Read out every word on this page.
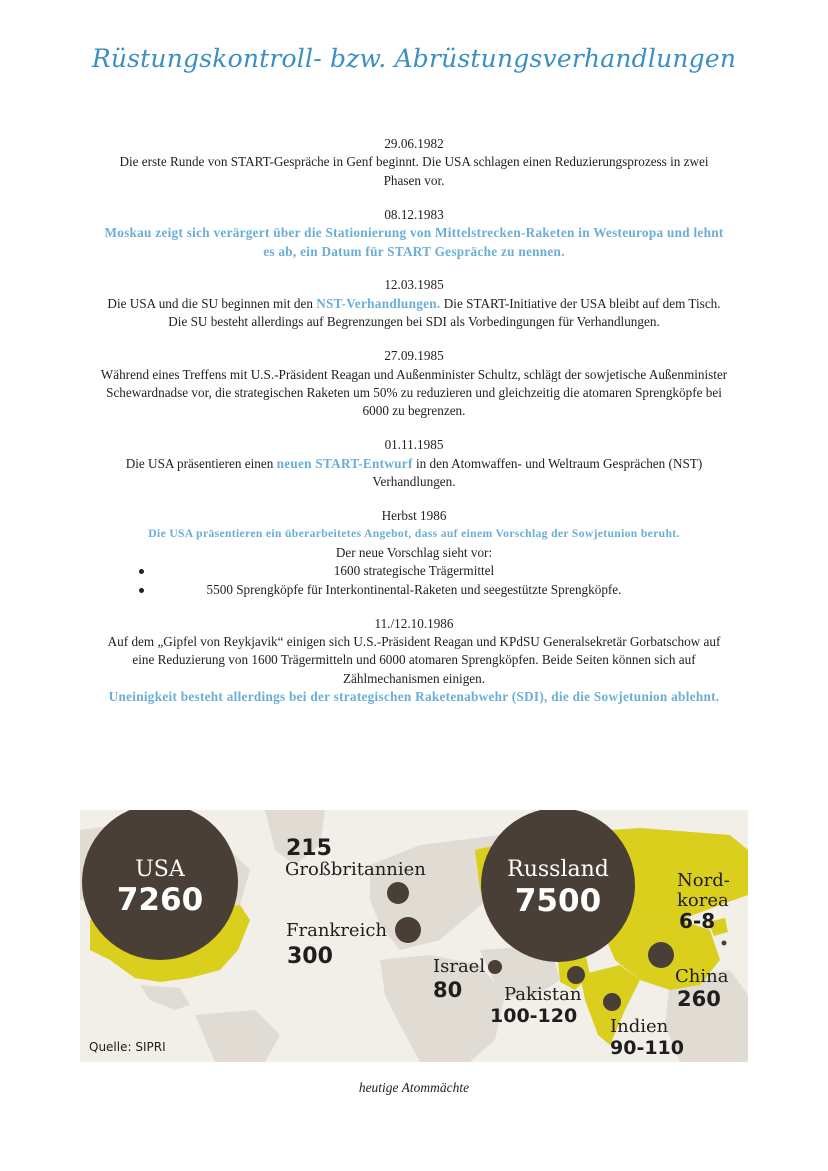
Rüstungskontroll- bzw. Abrüstungsverhandlungen
29.06.1982
Die erste Runde von START-Gespräche in Genf beginnt. Die USA schlagen einen Reduzierungsprozess in zwei Phasen vor.
08.12.1983
Moskau zeigt sich verärgert über die Stationierung von Mittelstrecken-Raketen in Westeuropa und lehnt es ab, ein Datum für START Gespräche zu nennen.
12.03.1985
Die USA und die SU beginnen mit den NST-Verhandlungen. Die START-Initiative der USA bleibt auf dem Tisch. Die SU besteht allerdings auf Begrenzungen bei SDI als Vorbedingungen für Verhandlungen.
27.09.1985
Während eines Treffens mit U.S.-Präsident Reagan und Außenminister Schultz, schlägt der sowjetische Außenminister Schewardnadse vor, die strategischen Raketen um 50% zu reduzieren und gleichzeitig die atomaren Sprengköpfe bei 6000 zu begrenzen.
01.11.1985
Die USA präsentieren einen neuen START-Entwurf in den Atomwaffen- und Weltraum Gesprächen (NST) Verhandlungen.
Herbst 1986
Die USA präsentieren ein überarbeitetes Angebot, dass auf einem Vorschlag der Sowjetunion beruht.
Der neue Vorschlag sieht vor:
1600 strategische Trägermittel
5500 Sprengköpfe für Interkontinental-Raketen und seegestützte Sprengköpfe.
11./12.10.1986
Auf dem „Gipfel von Reykjavik“ einigen sich U.S.-Präsident Reagan und KPdSU Generalsekretär Gorbatschow auf eine Reduzierung von 1600 Trägermitteln und 6000 atomaren Sprengköpfen. Beide Seiten können sich auf Zählmechanismen einigen.
Uneinigkeit besteht allerdings bei der strategischen Raketenabwehr (SDI), die die Sowjetunion ablehnt.
USA
7260
215
Großbritannien
Frankreich
300
Russland
7500
Nord-
korea
6-8
Israel
80 Pakistan
100-120
China
260
Indien
90-110
Quelle: SIPRI
heutige Atommächte
